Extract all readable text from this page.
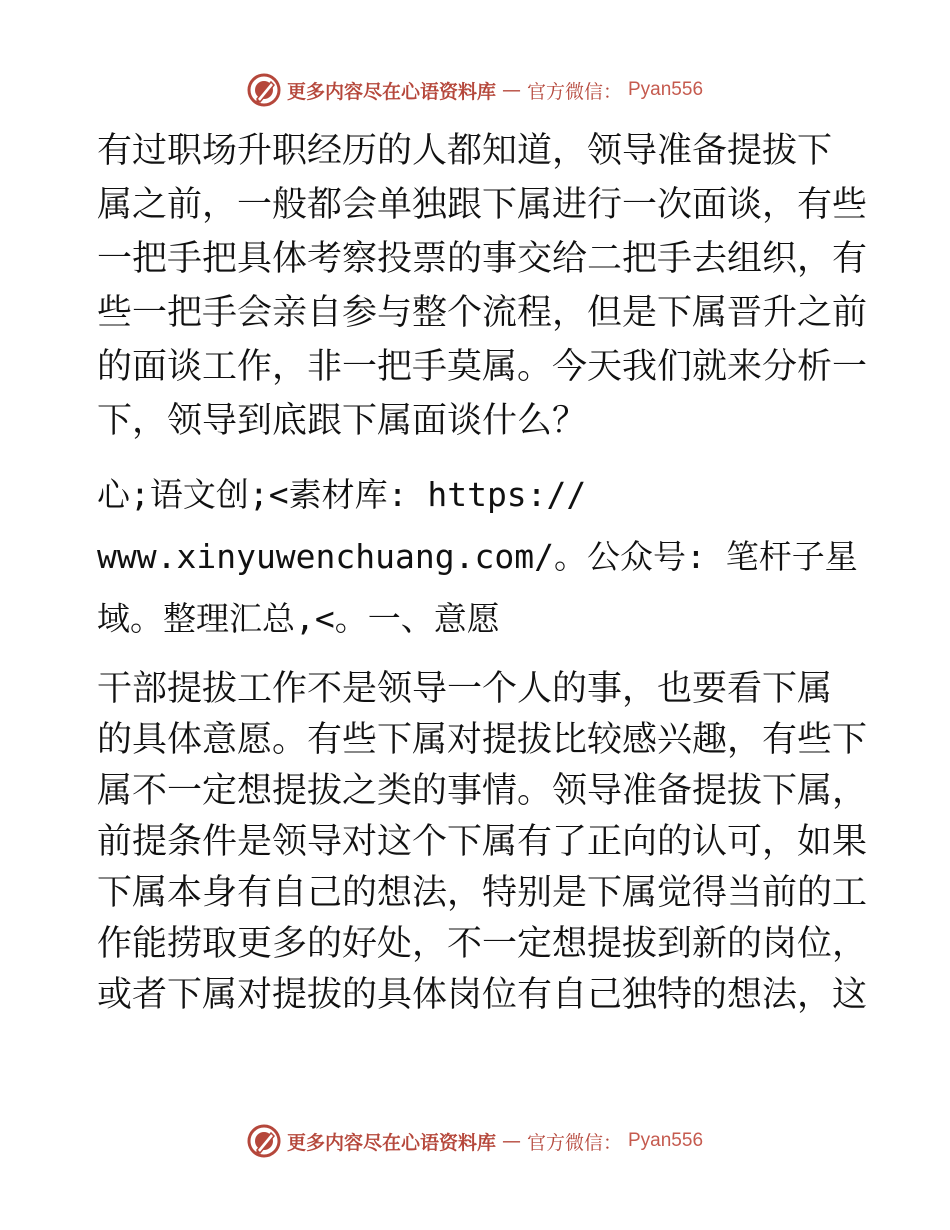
更多内容尽在心语资料库 — 官方微信： Pyan556

有过职场升职经历的人都知道，领导准备提拔下
属之前，一般都会单独跟下属进行一次面谈，有些
一把手把具体考察投票的事交给二把手去组织，有
些一把手会亲自参与整个流程，但是下属晋升之前
的面谈工作，非一把手莫属。今天我们就来分析一
下，领导到底跟下属面谈什么？

心;语文创;<素材库: https://
www.xinyuwenchuang.com/。公众号: 笔杆子星
域。整理汇总,<。一、意愿

干部提拔工作不是领导一个人的事，也要看下属
的具体意愿。有些下属对提拔比较感兴趣，有些下
属不一定想提拔之类的事情。领导准备提拔下属，
前提条件是领导对这个下属有了正向的认可，如果
下属本身有自己的想法，特别是下属觉得当前的工
作能捞取更多的好处，不一定想提拔到新的岗位，
或者下属对提拔的具体岗位有自己独特的想法，这

更多内容尽在心语资料库 — 官方微信： Pyan556
